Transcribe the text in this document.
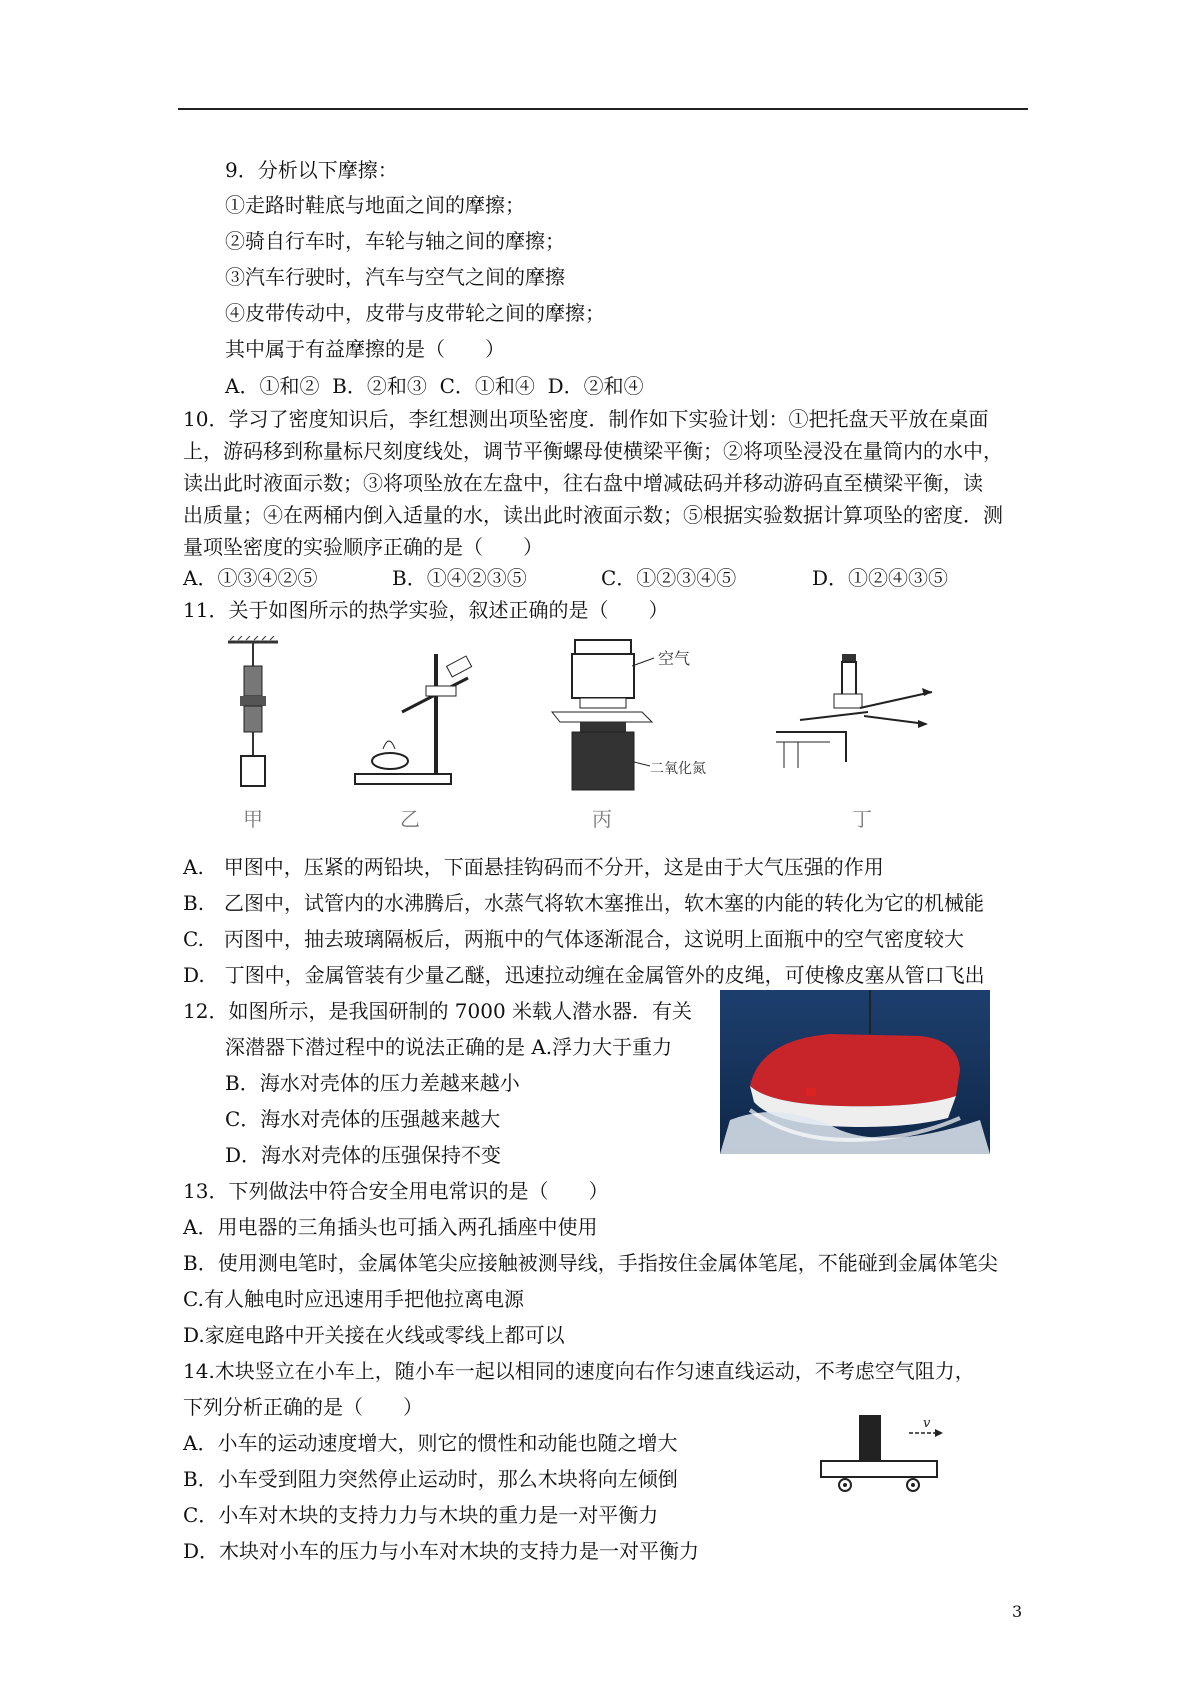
9．分析以下摩擦：
①走路时鞋底与地面之间的摩擦；
②骑自行车时，车轮与轴之间的摩擦；
③汽车行驶时，汽车与空气之间的摩擦
④皮带传动中，皮带与皮带轮之间的摩擦；
其中属于有益摩擦的是（　　）
A．①和②  B．②和③  C．①和④  D．②和④
10．学习了密度知识后，李红想测出项坠密度．制作如下实验计划：①把托盘天平放在桌面
上，游码移到称量标尺刻度线处，调节平衡螺母使横梁平衡；②将项坠浸没在量筒内的水中，
读出此时液面示数；③将项坠放在左盘中，往右盘中增减砝码并移动游码直至横梁平衡，读
出质量；④在两桶内倒入适量的水，读出此时液面示数；⑤根据实验数据计算项坠的密度．测
量项坠密度的实验顺序正确的是（　　）
A．①③④②⑤	B．①④②③⑤	C．①②③④⑤	D．①②④③⑤
11．关于如图所示的热学实验，叙述正确的是（　　）
甲	乙
空气
二氧化氮
丙	丁
A.　甲图中，压紧的两铅块，下面悬挂钩码而不分开，这是由于大气压强的作用
B.　乙图中，试管内的水沸腾后，水蒸气将软木塞推出，软木塞的内能的转化为它的机械能
C.　丙图中，抽去玻璃隔板后，两瓶中的气体逐渐混合，这说明上面瓶中的空气密度较大
D.　丁图中，金属管装有少量乙醚，迅速拉动缠在金属管外的皮绳，可使橡皮塞从管口飞出
12．如图所示，是我国研制的 7000 米载人潜水器．有关
深潜器下潜过程中的说法正确的是 A.浮力大于重力
B．海水对壳体的压力差越来越小
C．海水对壳体的压强越来越大
D．海水对壳体的压强保持不变
13．下列做法中符合安全用电常识的是（　　）
A．用电器的三角插头也可插入两孔插座中使用
B．使用测电笔时，金属体笔尖应接触被测导线，手指按住金属体笔尾，不能碰到金属体笔尖
C.有人触电时应迅速用手把他拉离电源
D.家庭电路中开关接在火线或零线上都可以
14.木块竖立在小车上，随小车一起以相同的速度向右作匀速直线运动，不考虑空气阻力，
下列分析正确的是（　　）
A．小车的运动速度增大，则它的惯性和动能也随之增大
B．小车受到阻力突然停止运动时，那么木块将向左倾倒
C．小车对木块的支持力力与木块的重力是一对平衡力
D．木块对小车的压力与小车对木块的支持力是一对平衡力
v
3
